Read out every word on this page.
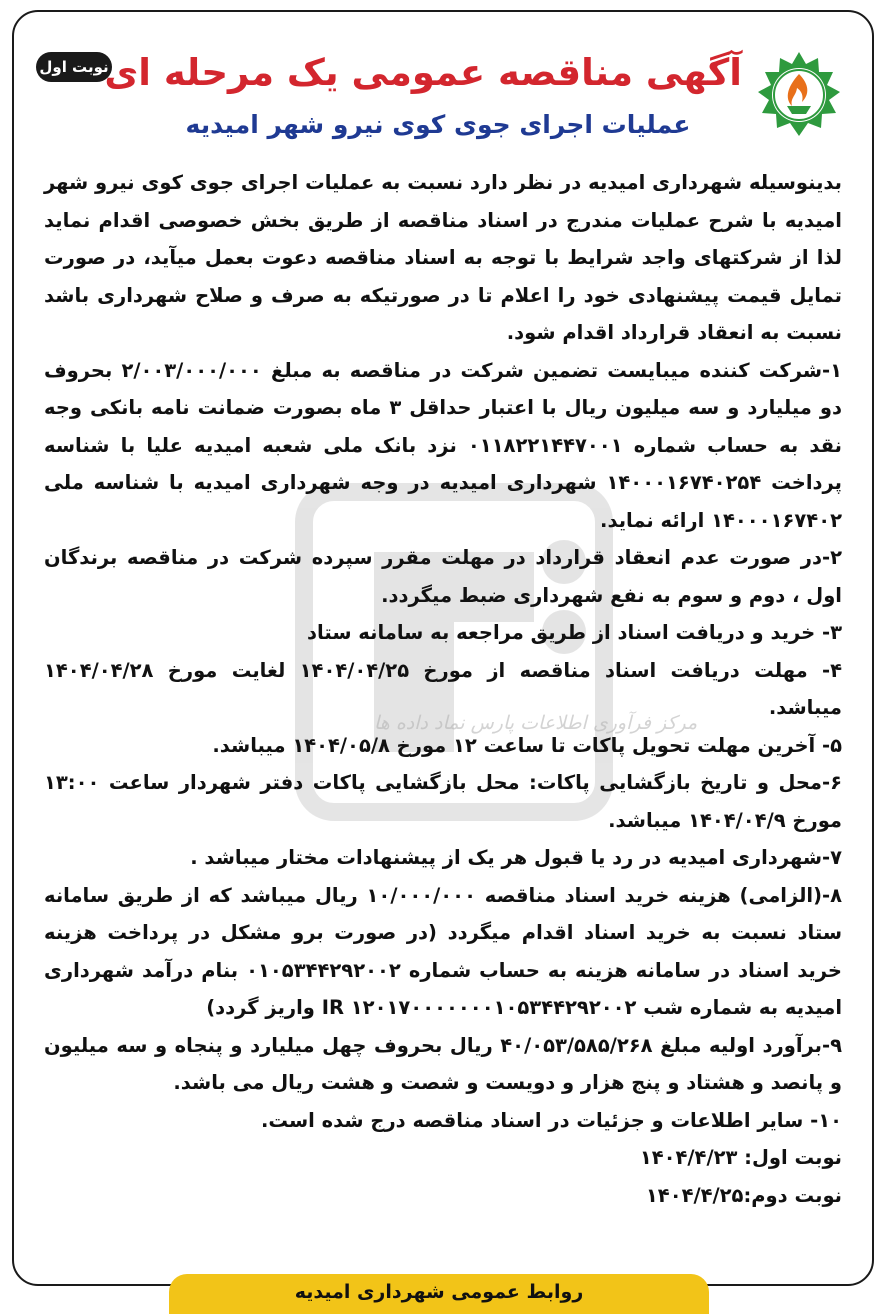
مرکز فرآوری اطلاعات پارس نماد داده ها
نوبت اول
آگهی مناقصه عمومی یک مرحله ای
عملیات اجرای جوی کوی نیرو شهر امیدیه

بدینوسیله شهرداری امیدیه در نظر دارد نسبت به عملیات اجرای جوی کوی نیرو شهر امیدیه با شرح عملیات مندرج در اسناد مناقصه از طریق بخش خصوصی اقدام نماید لذا از شرکتهای واجد شرایط با توجه به اسناد مناقصه دعوت بعمل میآید، در صورت تمایل قیمت پیشنهادی خود را اعلام تا در صورتیکه به صرف و صلاح شهرداری باشد نسبت به انعقاد قرارداد اقدام شود.

۱-شرکت کننده میبایست تضمین شرکت در مناقصه به مبلغ ۲/۰۰۳/۰۰۰/۰۰۰ بحروف دو میلیارد و سه میلیون ریال با اعتبار حداقل ۳ ماه بصورت ضمانت نامه بانکی وجه نقد به حساب شماره ۰۱۱۸۲۲۱۴۴۷۰۰۱ نزد بانک ملی شعبه امیدیه علیا با شناسه پرداخت ۱۴۰۰۰۱۶۷۴۰۲۵۴ شهرداری امیدیه در وجه شهرداری امیدیه با شناسه ملی ۱۴۰۰۰۱۶۷۴۰۲ ارائه نماید.

۲-در صورت عدم انعقاد قرارداد در مهلت مقرر سپرده شرکت در مناقصه برندگان اول ، دوم و سوم به نفع شهرداری ضبط میگردد.

۳- خرید و دریافت اسناد از طریق مراجعه به سامانه ستاد

۴- مهلت دریافت اسناد مناقصه از مورخ ۱۴۰۴/۰۴/۲۵ لغایت مورخ ۱۴۰۴/۰۴/۲۸ میباشد.

۵- آخرین مهلت تحویل پاکات تا ساعت ۱۲ مورخ ۱۴۰۴/۰۵/۸ میباشد.

۶-محل و تاریخ بازگشایی پاکات: محل بازگشایی پاکات دفتر شهردار ساعت ۱۳:۰۰ مورخ ۱۴۰۴/۰۴/۹ میباشد.

۷-شهرداری امیدیه در رد یا قبول هر یک از پیشنهادات مختار میباشد .

۸-(الزامی) هزینه خرید اسناد مناقصه ۱۰/۰۰۰/۰۰۰ ریال میباشد که از طریق سامانه ستاد نسبت به خرید اسناد اقدام میگردد (در صورت برو مشکل در پرداخت هزینه خرید اسناد در سامانه هزینه به حساب شماره ۰۱۰۵۳۴۴۲۹۲۰۰۲ بنام درآمد شهرداری امیدیه به شماره شب IR ۱۲۰۱۷۰۰۰۰۰۰۰۱۰۵۳۴۴۲۹۲۰۰۲ واریز گردد)

۹-برآورد اولیه مبلغ ۴۰/۰۵۳/۵۸۵/۲۶۸ ریال بحروف چهل میلیارد و پنجاه و سه میلیون و پانصد و هشتاد و پنج هزار و دویست و شصت و هشت ریال می باشد.

۱۰- سایر اطلاعات و جزئیات در اسناد مناقصه درج شده است.

نوبت اول: ۱۴۰۴/۴/۲۳

نوبت دوم:۱۴۰۴/۴/۲۵

روابط عمومی شهرداری امیدیه
